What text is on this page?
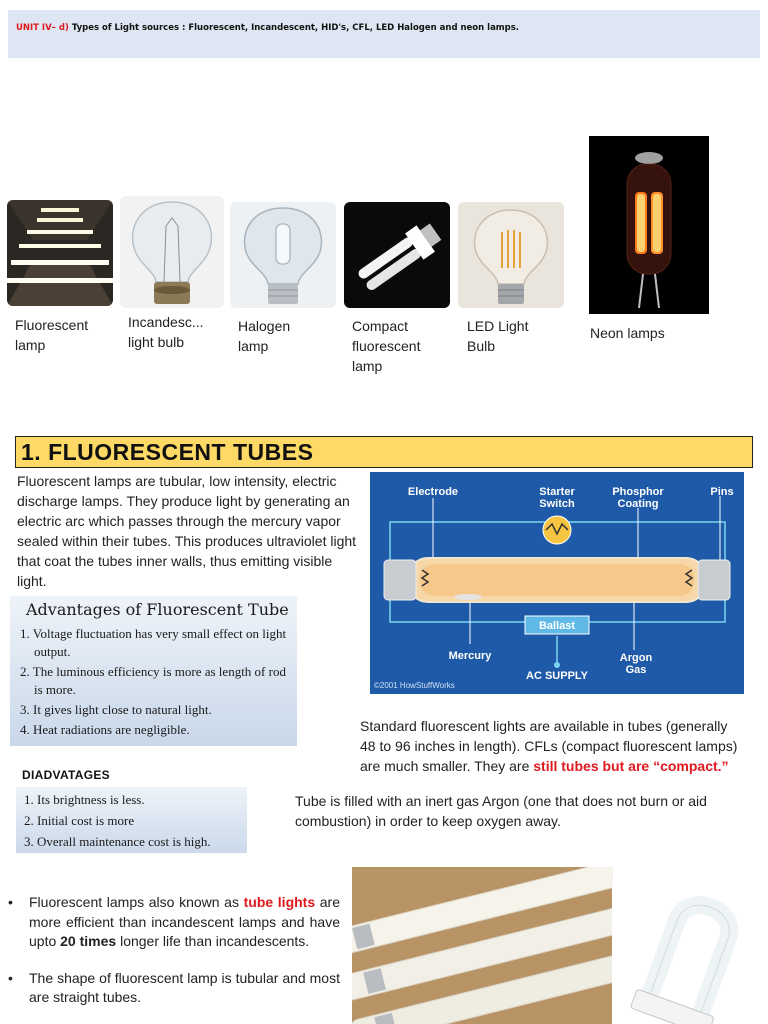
UNIT IV– d) Types of Light sources : Fluorescent, Incandescent, HID's, CFL, LED Halogen and neon lamps.
Fluorescent lamp
Incandesc... light bulb
Halogen lamp
Compact fluorescent lamp
LED Light Bulb
Neon lamps
1. FLUORESCENT TUBES
Fluorescent lamps are tubular, low intensity, electric discharge lamps. They produce light by generating an electric arc which passes through the mercury vapor sealed within their tubes. This produces ultraviolet light that coat the tubes inner walls, thus emitting visible light.
Advantages of Fluorescent Tube
1. Voltage fluctuation has very small effect on light output.
2. The luminous efficiency is more as length of rod is more.
3. It gives light close to natural light.
4. Heat radiations are negligible.
DIADVATAGES
1. Its brightness is less.
2. Initial cost is more
3. Overall maintenance cost is high.
Electrode	Starter Switch
Phosphor Coating
Pins
Ballast
Mercury	Argon Gas
AC SUPPLY
©2001 HowStuffWorks
Standard fluorescent lights are available in tubes (generally 48 to 96 inches in length). CFLs (compact fluorescent lamps) are much smaller. They are still tubes but are “compact.”
Tube is filled with an inert gas Argon (one that does not burn or aid combustion) in order to keep oxygen away.
• Fluorescent lamps also known as tube lights are more efficient than incandescent lamps and have upto 20 times longer life than incandescents.
• The shape of fluorescent lamp is tubular and most are straight tubes.
